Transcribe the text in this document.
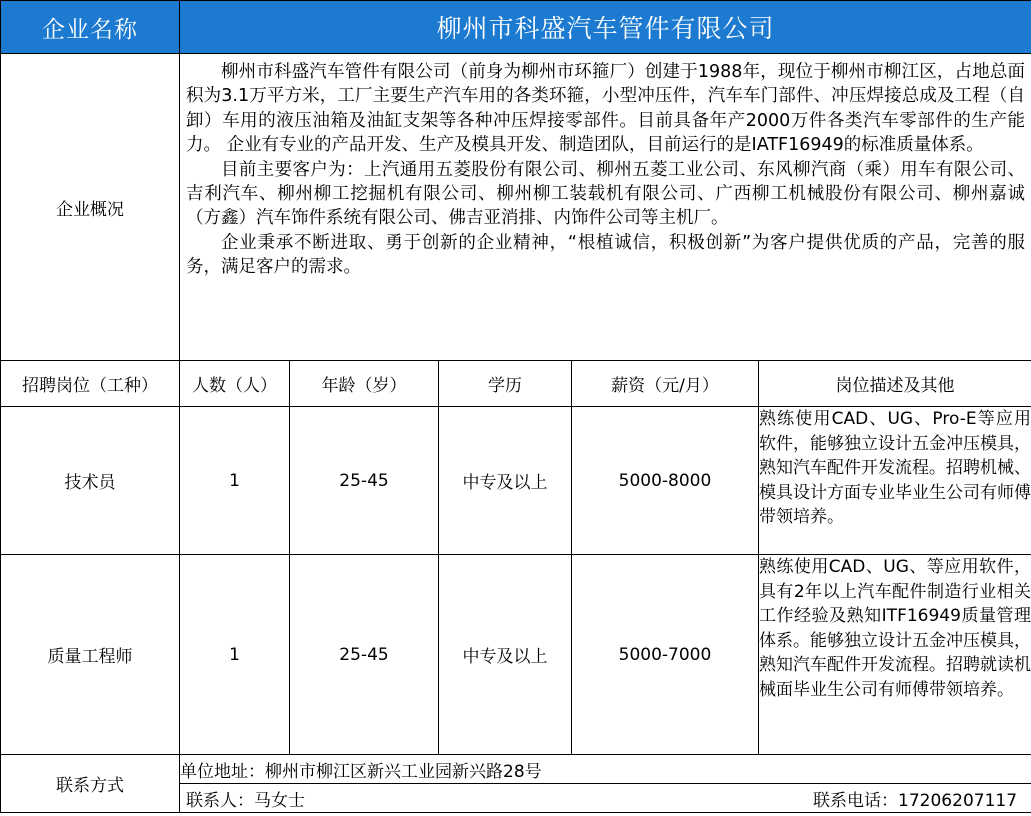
企业名称	柳州市科盛汽车管件有限公司				
企业概况	柳州市科盛汽车管件有限公司（前身为柳州市环箍厂）创建于1988年，现位于柳州市柳江区，占地总面积为3.1万平方米，工厂主要生产汽车用的各类环箍，小型冲压件，汽车车门部件、冲压焊接总成及工程（自卸）车用的液压油箱及油缸支架等各种冲压焊接零部件。目前具备年产2000万件各类汽车零部件的生产能力。 企业有专业的产品开发、生产及模具开发、制造团队，目前运行的是IATF16949的标准质量体系。

目前主要客户为：上汽通用五菱股份有限公司、柳州五菱工业公司、东风柳汽商（乘）用车有限公司、吉利汽车、柳州柳工挖掘机有限公司、柳州柳工装载机有限公司、广西柳工机械股份有限公司、柳州嘉诚（方鑫）汽车饰件系统有限公司、佛吉亚消排、内饰件公司等主机厂。

企业秉承不断进取、勇于创新的企业精神，“根植诚信，积极创新”为客户提供优质的产品，完善的服务，满足客户的需求。				

招聘岗位（工种）	人数（人）	年龄（岁）	学历	薪资（元/月）	岗位描述及其他
技术员	1	25-45	中专及以上	5000-8000	熟练使用CAD、UG、Pro-E等应用软件，能够独立设计五金冲压模具，熟知汽车配件开发流程。招聘机械、模具设计方面专业毕业生公司有师傅带领培养。
质量工程师	1	25-45	中专及以上	5000-7000	熟练使用CAD、UG、等应用软件，具有2年以上汽车配件制造行业相关工作经验及熟知ITF16949质量管理体系。能够独立设计五金冲压模具，熟知汽车配件开发流程。招聘就读机械面毕业生公司有师傅带领培养。
联系方式	单位地址：柳州市柳江区新兴工业园新兴路28号				

	联系人：马女士 联系电话：17206207117				
